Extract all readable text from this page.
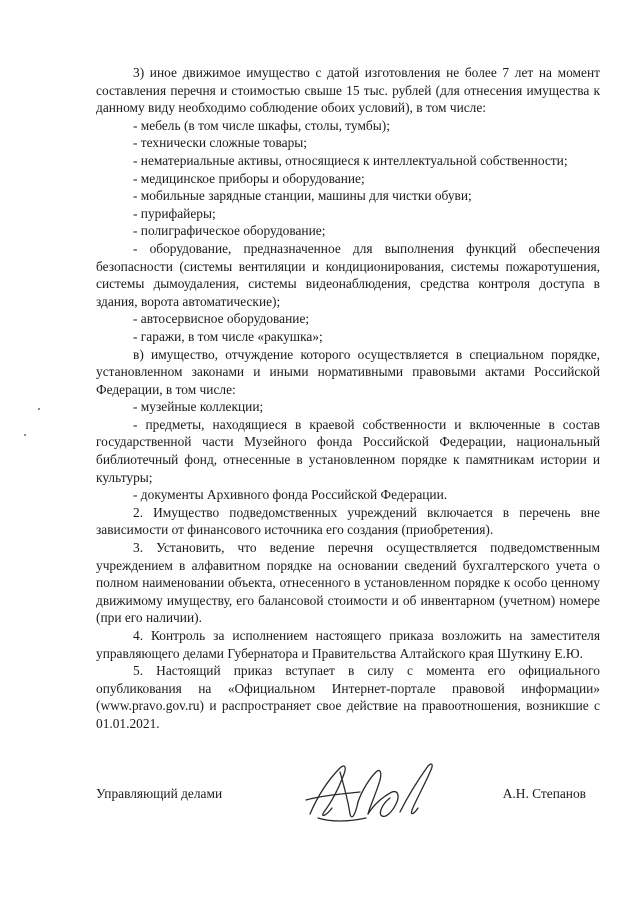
3) иное движимое имущество с датой изготовления не более 7 лет на момент составления перечня и стоимостью свыше 15 тыс. рублей (для отнесения имущества к данному виду необходимо соблюдение обоих условий), в том числе:

- мебель (в том числе шкафы, столы, тумбы);

- технически сложные товары;

- нематериальные активы, относящиеся к интеллектуальной собственности;

- медицинское приборы и оборудование;

- мобильные зарядные станции, машины для чистки обуви;

- пурифайеры;

- полиграфическое оборудование;

- оборудование, предназначенное для выполнения функций обеспечения безопасности (системы вентиляции и кондиционирования, системы пожаротушения, системы дымоудаления, системы видеонаблюдения, средства контроля доступа в здания, ворота автоматические);

- автосервисное оборудование;

- гаражи, в том числе «ракушка»;

в) имущество, отчуждение которого осуществляется в специальном порядке, установленном законами и иными нормативными правовыми актами Российской Федерации, в том числе:

- музейные коллекции;

- предметы, находящиеся в краевой собственности и включенные в состав государственной части Музейного фонда Российской Федерации, национальный библиотечный фонд, отнесенные в установленном порядке к памятникам истории и культуры;

- документы Архивного фонда Российской Федерации.

2. Имущество подведомственных учреждений включается в перечень вне зависимости от финансового источника его создания (приобретения).

3. Установить, что ведение перечня осуществляется подведомственным учреждением в алфавитном порядке на основании сведений бухгалтерского учета о полном наименовании объекта, отнесенного в установленном порядке к особо ценному движимому имуществу, его балансовой стоимости и об инвентарном (учетном) номере (при его наличии).

4. Контроль за исполнением настоящего приказа возложить на заместителя управляющего делами Губернатора и Правительства Алтайского края Шуткину Е.Ю.

5. Настоящий приказ вступает в силу с момента его официального опубликования на «Официальном Интернет-портале правовой информации» (www.pravo.gov.ru) и распространяет свое действие на правоотношения, возникшие с 01.01.2021.

Управляющий делами	А.Н. Степанов
